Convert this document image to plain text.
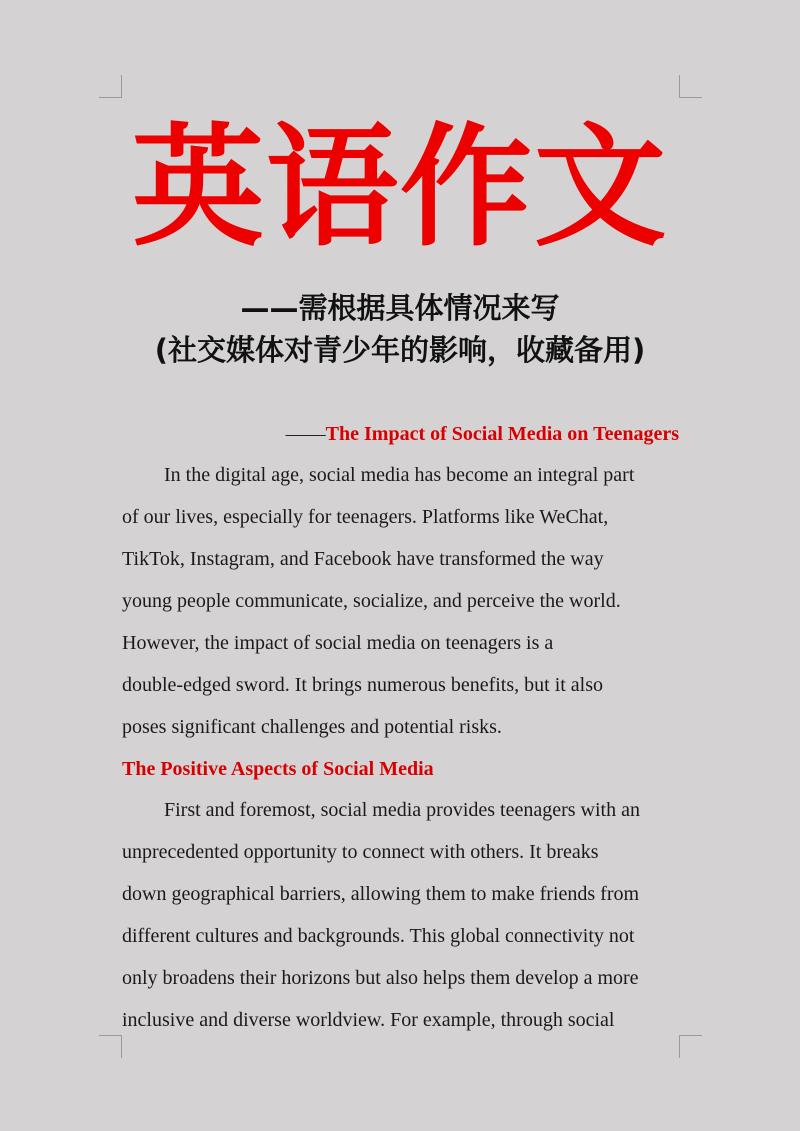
英语作文
——需根据具体情况来写
(社交媒体对青少年的影响，收藏备用)
——The Impact of Social Media on Teenagers
In the digital age, social media has become an integral part
of our lives, especially for teenagers. Platforms like WeChat,
TikTok, Instagram, and Facebook have transformed the way
young people communicate, socialize, and perceive the world.
However, the impact of social media on teenagers is a
double-edged sword. It brings numerous benefits, but it also
poses significant challenges and potential risks.
The Positive Aspects of Social Media
First and foremost, social media provides teenagers with an
unprecedented opportunity to connect with others. It breaks
down geographical barriers, allowing them to make friends from
different cultures and backgrounds. This global connectivity not
only broadens their horizons but also helps them develop a more
inclusive and diverse worldview. For example, through social
